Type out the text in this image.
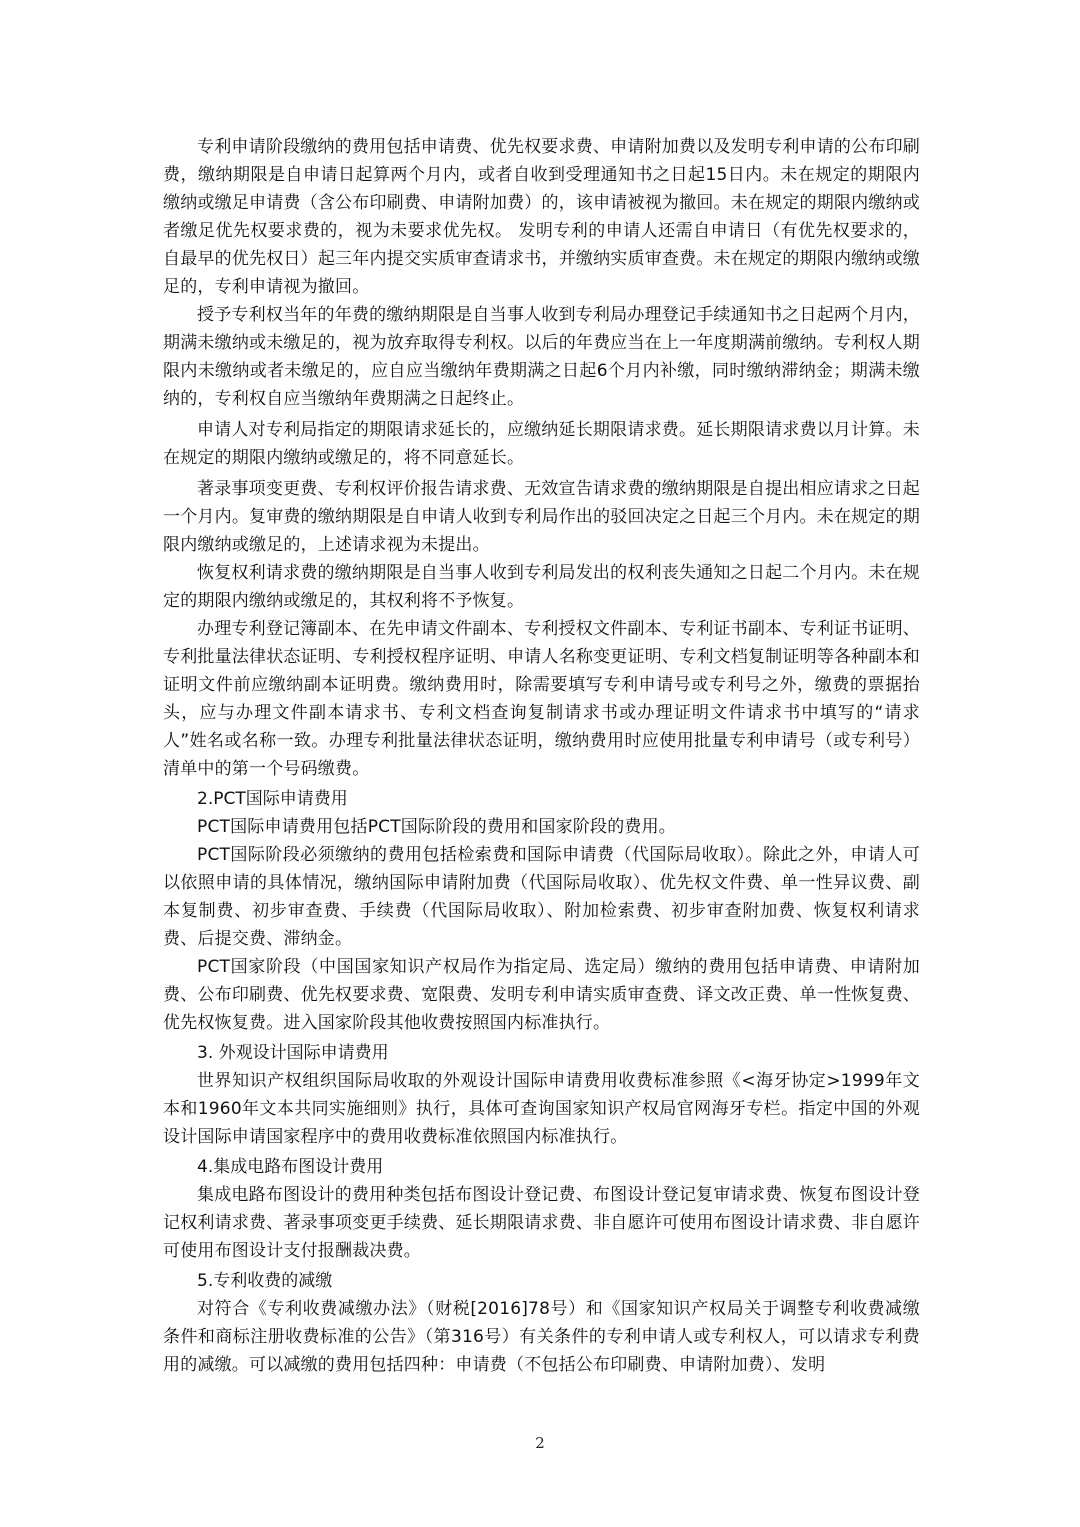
专利申请阶段缴纳的费用包括申请费、优先权要求费、申请附加费以及发明专利申请的公布印刷费，缴纳期限是自申请日起算两个月内，或者自收到受理通知书之日起15日内。未在规定的期限内缴纳或缴足申请费（含公布印刷费、申请附加费）的，该申请被视为撤回。未在规定的期限内缴纳或者缴足优先权要求费的，视为未要求优先权。 发明专利的申请人还需自申请日（有优先权要求的，自最早的优先权日）起三年内提交实质审查请求书，并缴纳实质审查费。未在规定的期限内缴纳或缴足的，专利申请视为撤回。

授予专利权当年的年费的缴纳期限是自当事人收到专利局办理登记手续通知书之日起两个月内，期满未缴纳或未缴足的，视为放弃取得专利权。以后的年费应当在上一年度期满前缴纳。专利权人期限内未缴纳或者未缴足的，应自应当缴纳年费期满之日起6个月内补缴，同时缴纳滞纳金；期满未缴纳的，专利权自应当缴纳年费期满之日起终止。

申请人对专利局指定的期限请求延长的，应缴纳延长期限请求费。延长期限请求费以月计算。未在规定的期限内缴纳或缴足的，将不同意延长。

著录事项变更费、专利权评价报告请求费、无效宣告请求费的缴纳期限是自提出相应请求之日起一个月内。复审费的缴纳期限是自申请人收到专利局作出的驳回决定之日起三个月内。未在规定的期限内缴纳或缴足的，上述请求视为未提出。

恢复权利请求费的缴纳期限是自当事人收到专利局发出的权利丧失通知之日起二个月内。未在规定的期限内缴纳或缴足的，其权利将不予恢复。

办理专利登记簿副本、在先申请文件副本、专利授权文件副本、专利证书副本、专利证书证明、专利批量法律状态证明、专利授权程序证明、申请人名称变更证明、专利文档复制证明等各种副本和证明文件前应缴纳副本证明费。缴纳费用时，除需要填写专利申请号或专利号之外，缴费的票据抬头，应与办理文件副本请求书、专利文档查询复制请求书或办理证明文件请求书中填写的“请求人”姓名或名称一致。办理专利批量法律状态证明，缴纳费用时应使用批量专利申请号（或专利号）清单中的第一个号码缴费。

2.PCT国际申请费用

PCT国际申请费用包括PCT国际阶段的费用和国家阶段的费用。

PCT国际阶段必须缴纳的费用包括检索费和国际申请费（代国际局收取）。除此之外，申请人可以依照申请的具体情况，缴纳国际申请附加费（代国际局收取）、优先权文件费、单一性异议费、副本复制费、初步审查费、手续费（代国际局收取）、附加检索费、初步审查附加费、恢复权利请求费、后提交费、滞纳金。

PCT国家阶段（中国国家知识产权局作为指定局、选定局）缴纳的费用包括申请费、申请附加费、公布印刷费、优先权要求费、宽限费、发明专利申请实质审查费、译文改正费、单一性恢复费、优先权恢复费。进入国家阶段其他收费按照国内标准执行。

3. 外观设计国际申请费用

世界知识产权组织国际局收取的外观设计国际申请费用收费标准参照《<海牙协定>1999年文本和1960年文本共同实施细则》执行，具体可查询国家知识产权局官网海牙专栏。指定中国的外观设计国际申请国家程序中的费用收费标准依照国内标准执行。

4.集成电路布图设计费用

集成电路布图设计的费用种类包括布图设计登记费、布图设计登记复审请求费、恢复布图设计登记权利请求费、著录事项变更手续费、延长期限请求费、非自愿许可使用布图设计请求费、非自愿许可使用布图设计支付报酬裁决费。

5.专利收费的减缴

对符合《专利收费减缴办法》（财税[2016]78号）和《国家知识产权局关于调整专利收费减缴条件和商标注册收费标准的公告》（第316号）有关条件的专利申请人或专利权人，可以请求专利费用的减缴。可以减缴的费用包括四种：申请费（不包括公布印刷费、申请附加费）、发明

2
